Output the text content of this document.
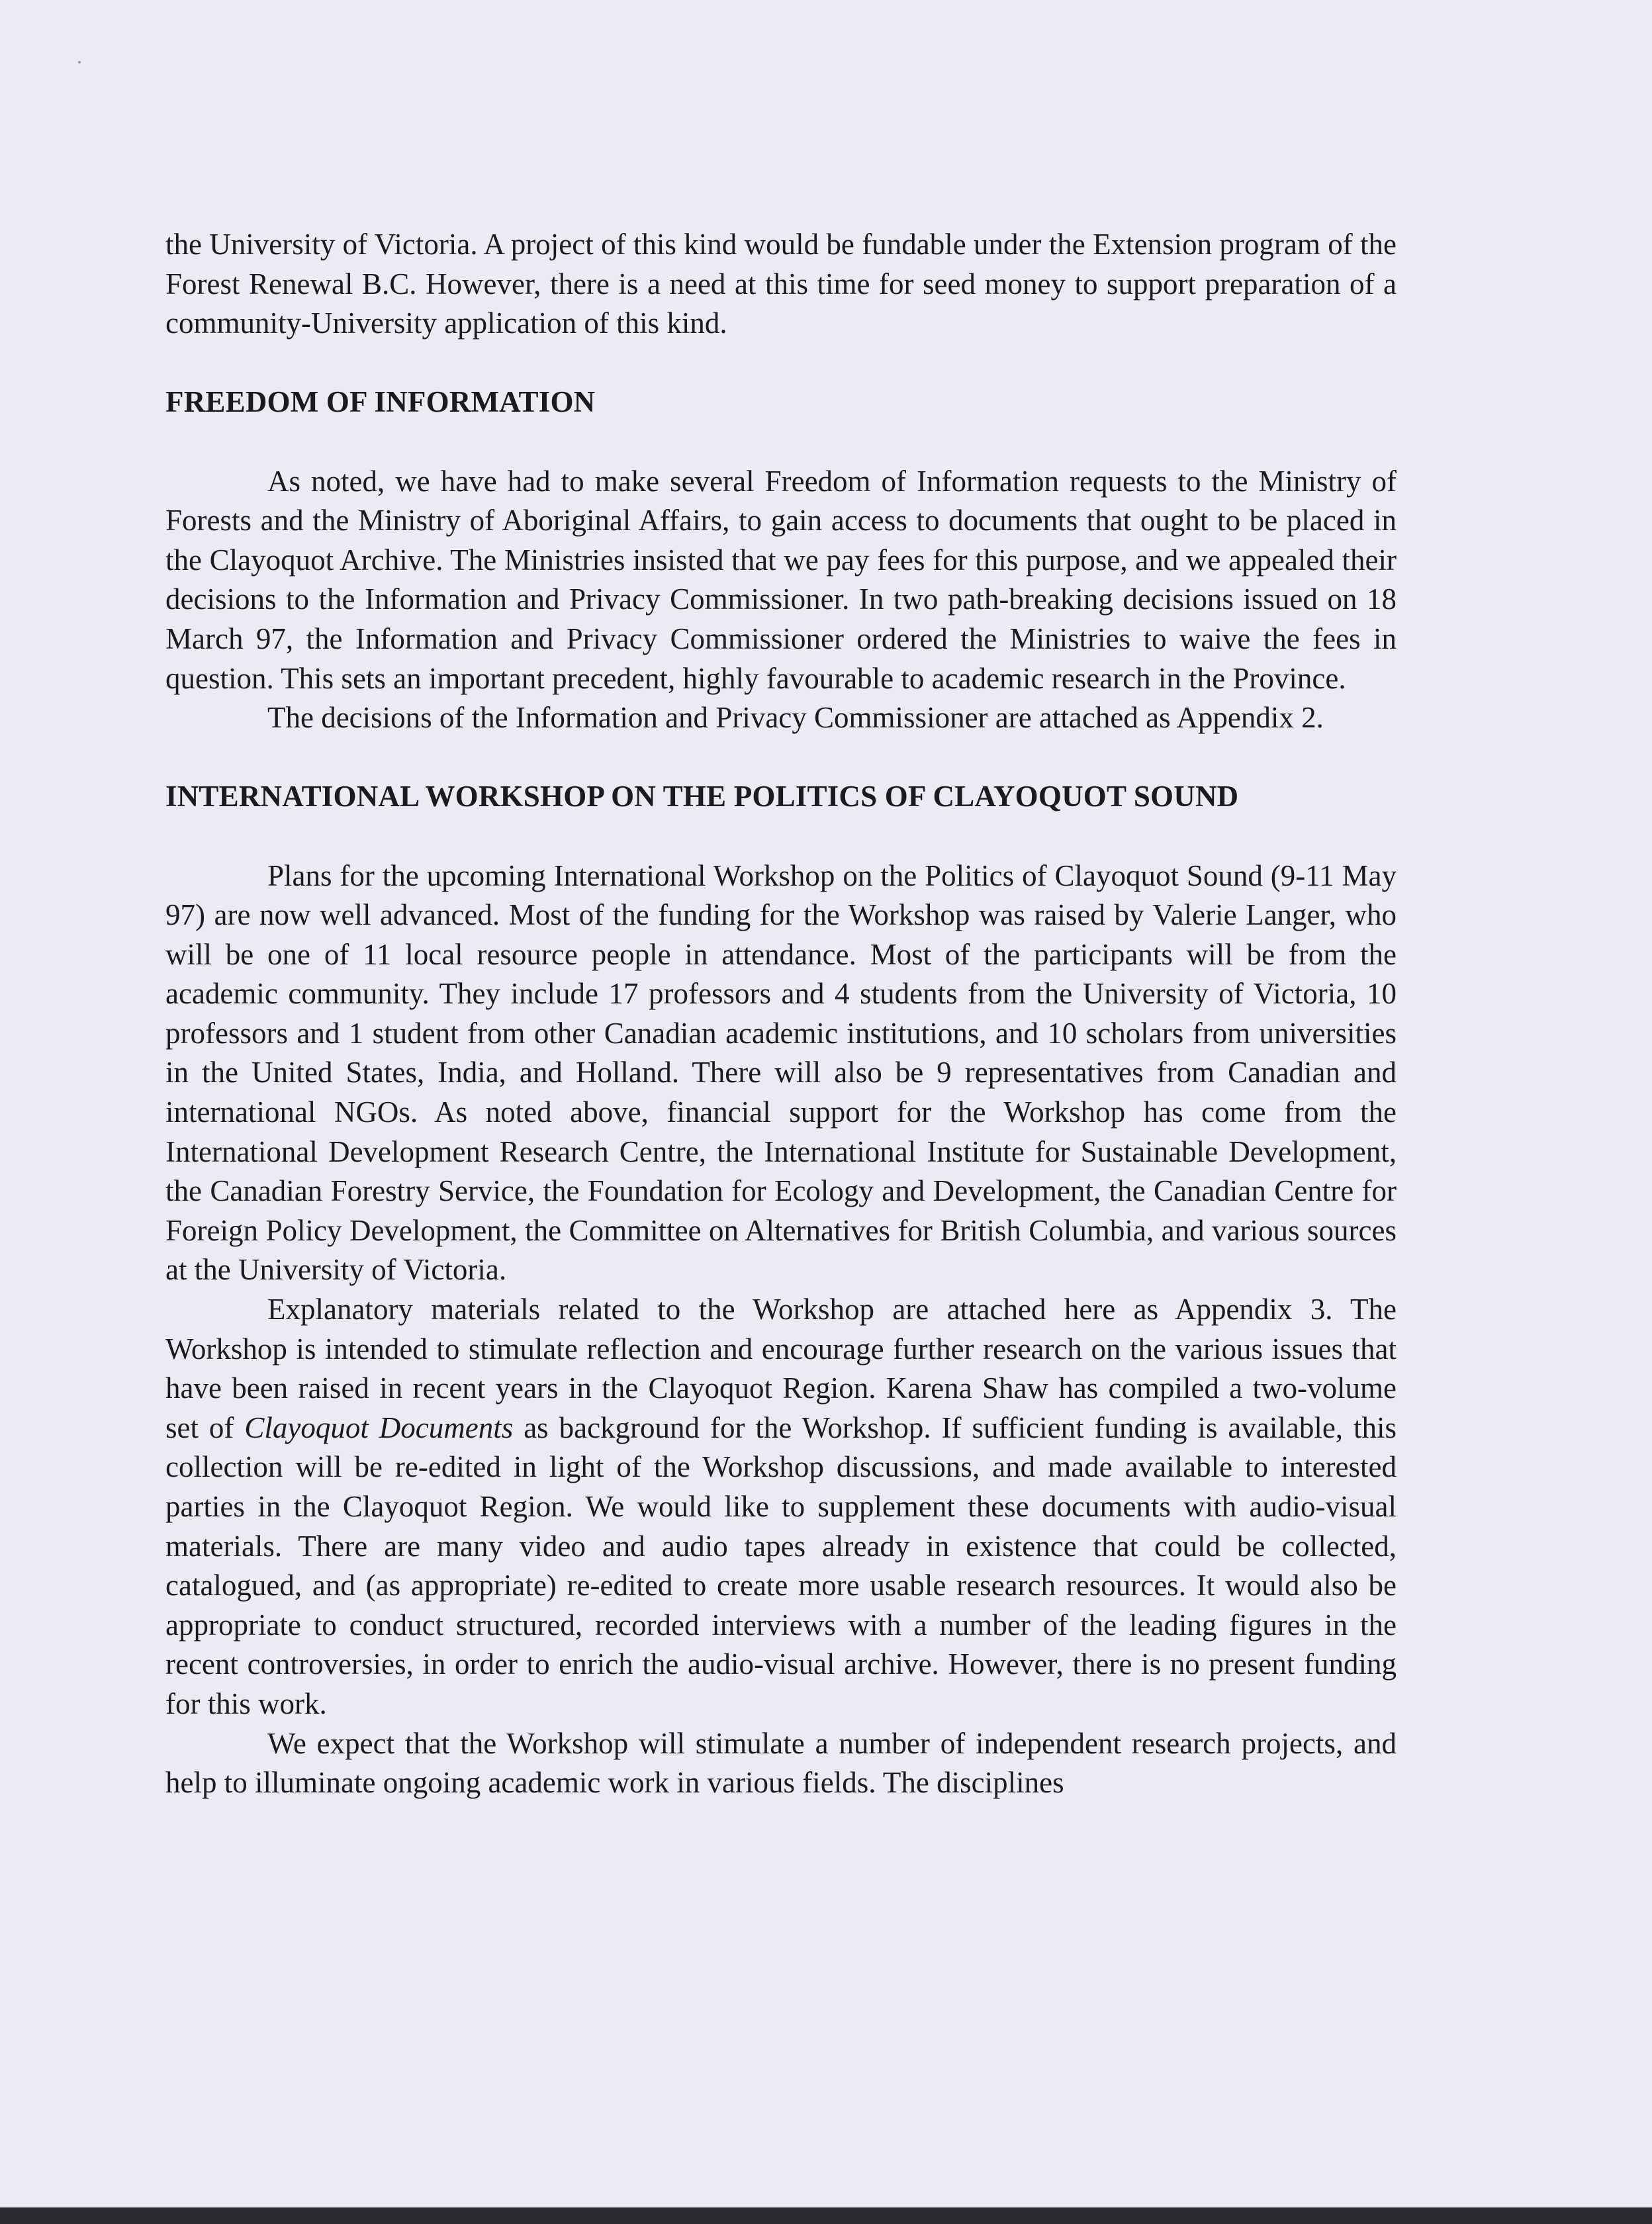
the University of Victoria. A project of this kind would be fundable under the Extension program of the Forest Renewal B.C. However, there is a need at this time for seed money to support preparation of a community-University application of this kind.

FREEDOM OF INFORMATION

As noted, we have had to make several Freedom of Information requests to the Ministry of Forests and the Ministry of Aboriginal Affairs, to gain access to documents that ought to be placed in the Clayoquot Archive. The Ministries insisted that we pay fees for this purpose, and we appealed their decisions to the Information and Privacy Commissioner. In two path-breaking decisions issued on 18 March 97, the Information and Privacy Commissioner ordered the Ministries to waive the fees in question. This sets an important precedent, highly favourable to academic research in the Province.

The decisions of the Information and Privacy Commissioner are attached as Appendix 2.

INTERNATIONAL WORKSHOP ON THE POLITICS OF CLAYOQUOT SOUND

Plans for the upcoming International Workshop on the Politics of Clayoquot Sound (9-11 May 97) are now well advanced. Most of the funding for the Workshop was raised by Valerie Langer, who will be one of 11 local resource people in attendance. Most of the participants will be from the academic community. They include 17 professors and 4 students from the University of Victoria, 10 professors and 1 student from other Canadian academic institutions, and 10 scholars from universities in the United States, India, and Holland. There will also be 9 representatives from Canadian and international NGOs. As noted above, financial support for the Workshop has come from the International Development Research Centre, the International Institute for Sustainable Development, the Canadian Forestry Service, the Foundation for Ecology and Development, the Canadian Centre for Foreign Policy Development, the Committee on Alternatives for British Columbia, and various sources at the University of Victoria.

Explanatory materials related to the Workshop are attached here as Appendix 3. The Workshop is intended to stimulate reflection and encourage further research on the various issues that have been raised in recent years in the Clayoquot Region. Karena Shaw has compiled a two-volume set of Clayoquot Documents as background for the Workshop. If sufficient funding is available, this collection will be re-edited in light of the Workshop discussions, and made available to interested parties in the Clayoquot Region. We would like to supplement these documents with audio-visual materials. There are many video and audio tapes already in existence that could be collected, catalogued, and (as appropriate) re-edited to create more usable research resources. It would also be appropriate to conduct structured, recorded interviews with a number of the leading figures in the recent controversies, in order to enrich the audio-visual archive. However, there is no present funding for this work.

We expect that the Workshop will stimulate a number of independent research projects, and help to illuminate ongoing academic work in various fields. The disciplines
